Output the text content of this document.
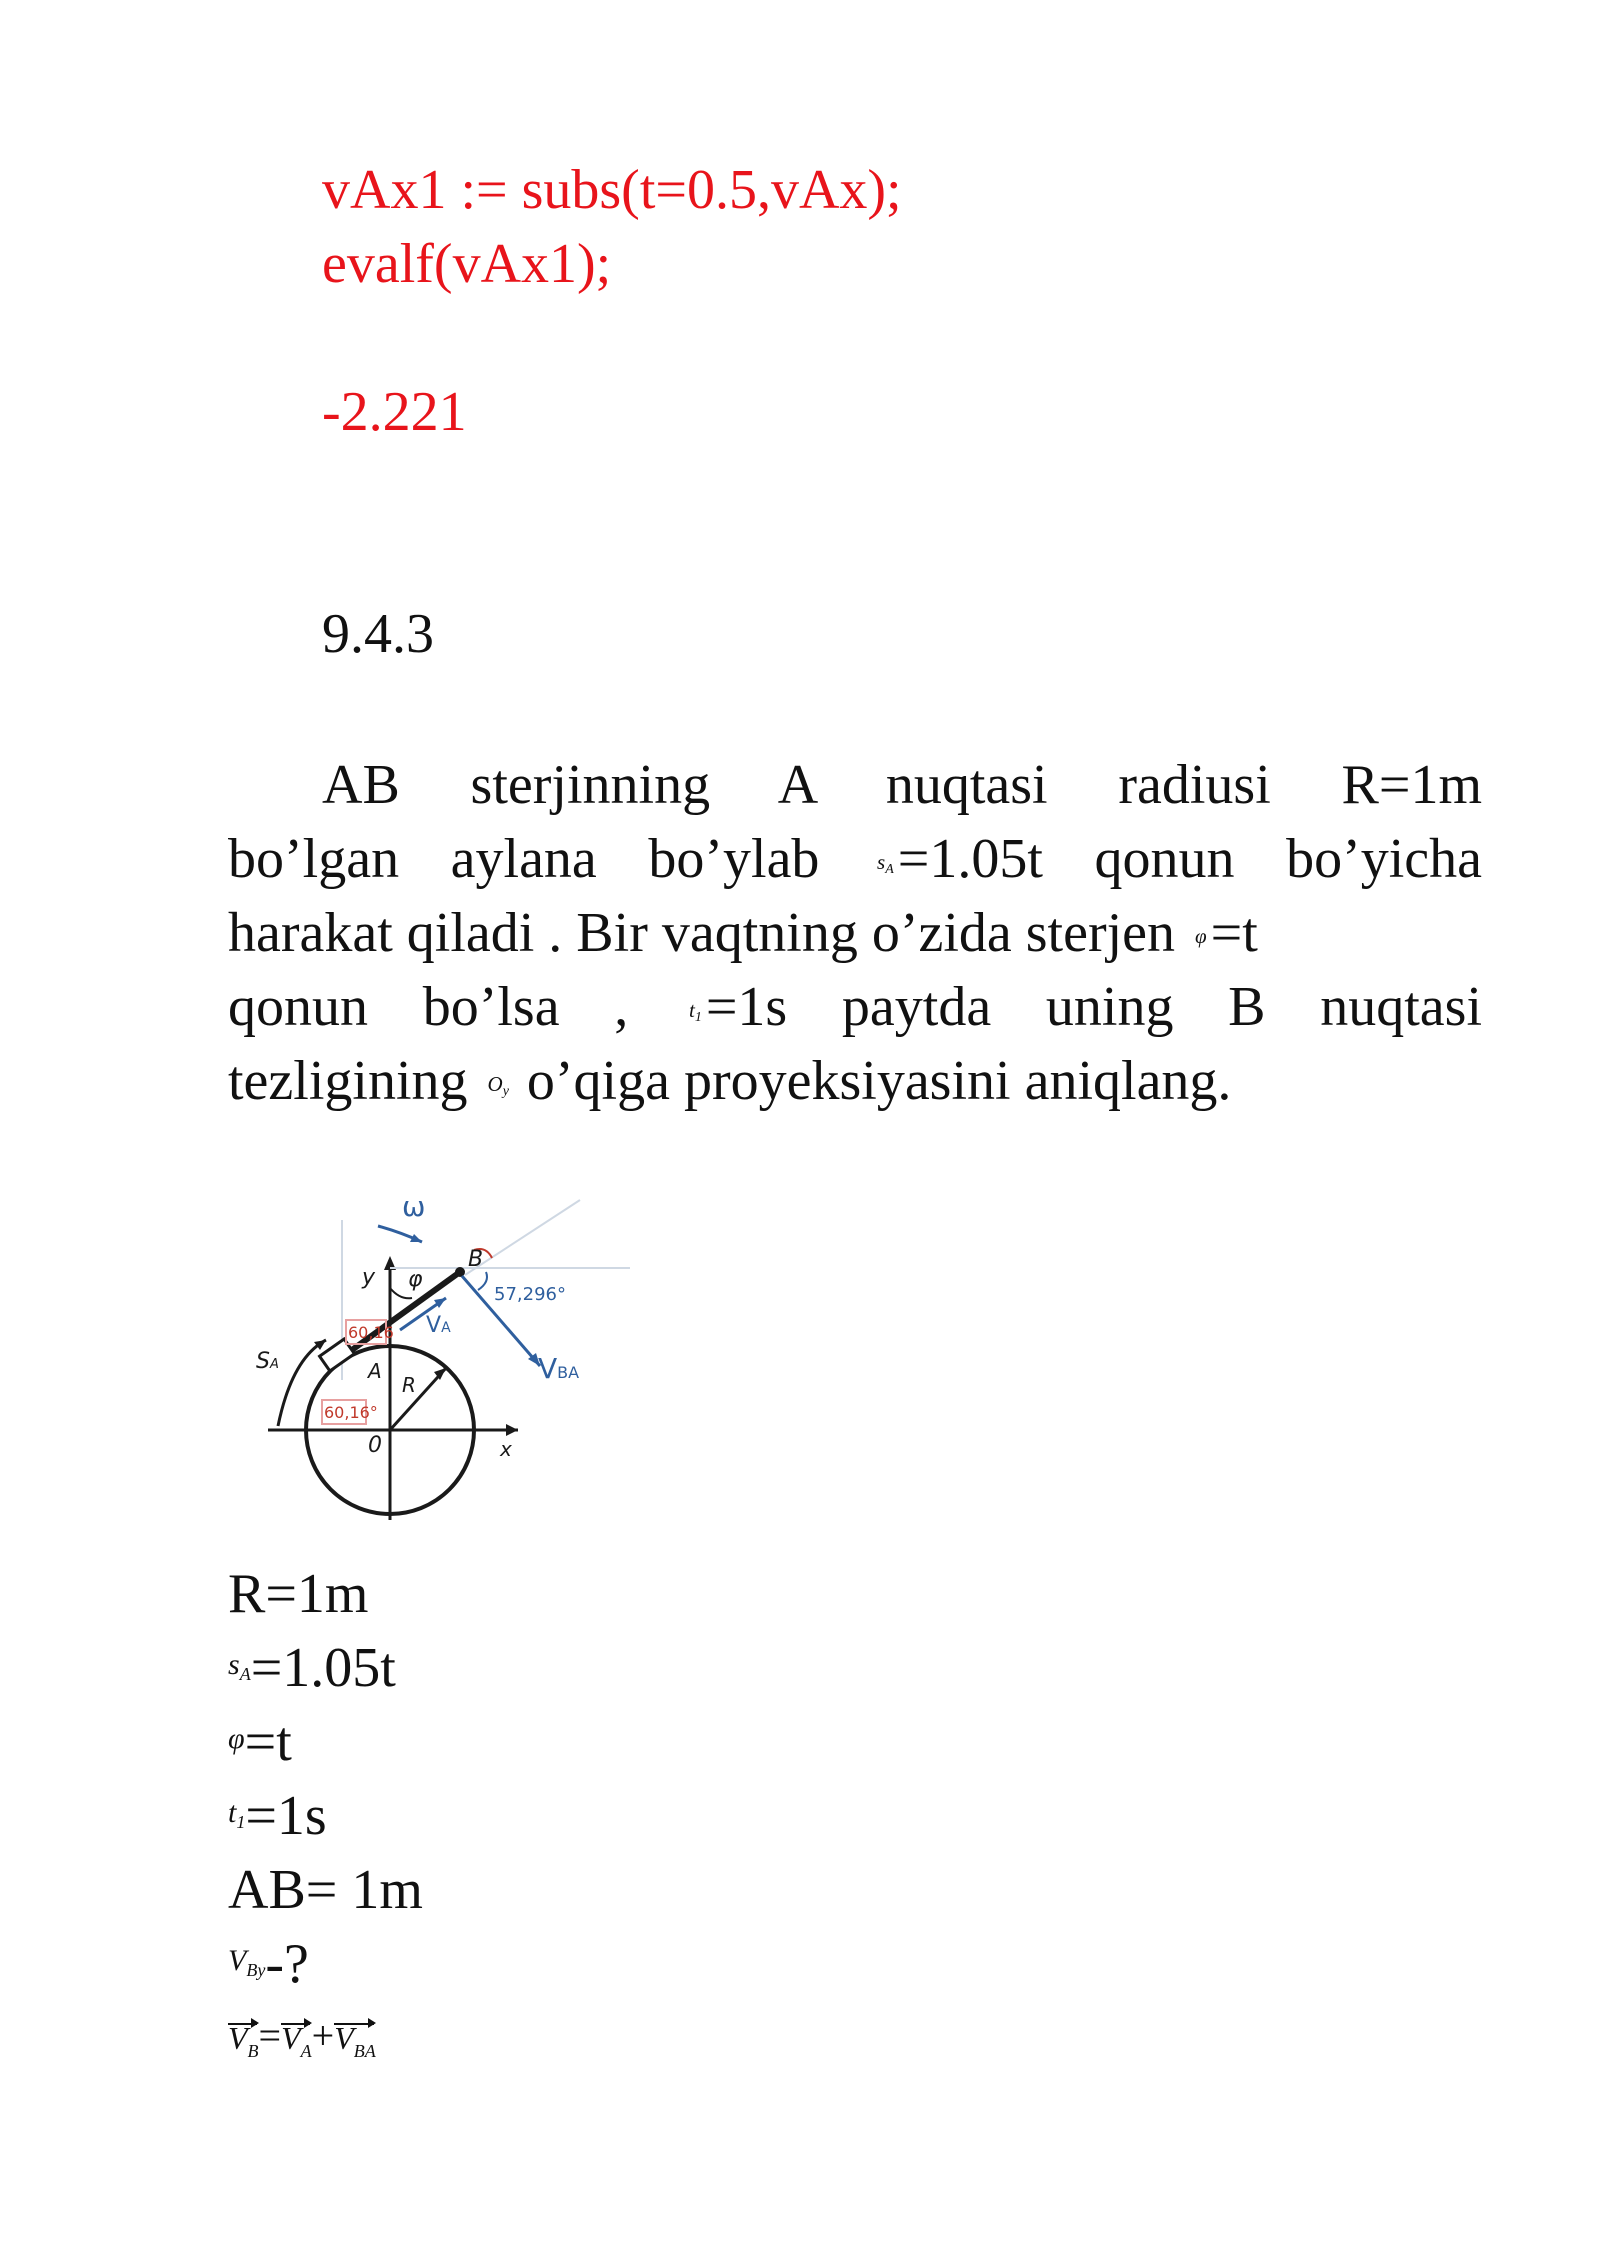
vAx1 := subs(t=0.5,vAx);
evalf(vAx1);
-2.221
9.4.3
AB sterjinning A nuqtasi radiusi R=1m
bo’lgan aylana bo’ylab	$s_A=1.05t$ qonun bo’yicha
harakat qiladi . Bir vaqtning o’zida sterjen φ=t
qonun bo’lsa ,	$t_1=1s$ paytda uning B nuqtasi
tezligining $O_y$ o’qiga proyeksiyasini aniqlang.
ω
y φ
B
57,296°
60,16 VA
VBA
SA	A
R
60,16°
0	x
R=1m
$^{s_A}$=1.05t
$^\varphi$=t
$^{t_1}$=1s
AB= 1m
$^{V_{By}}$-?
$V_B=V_A+V_{BA}$
